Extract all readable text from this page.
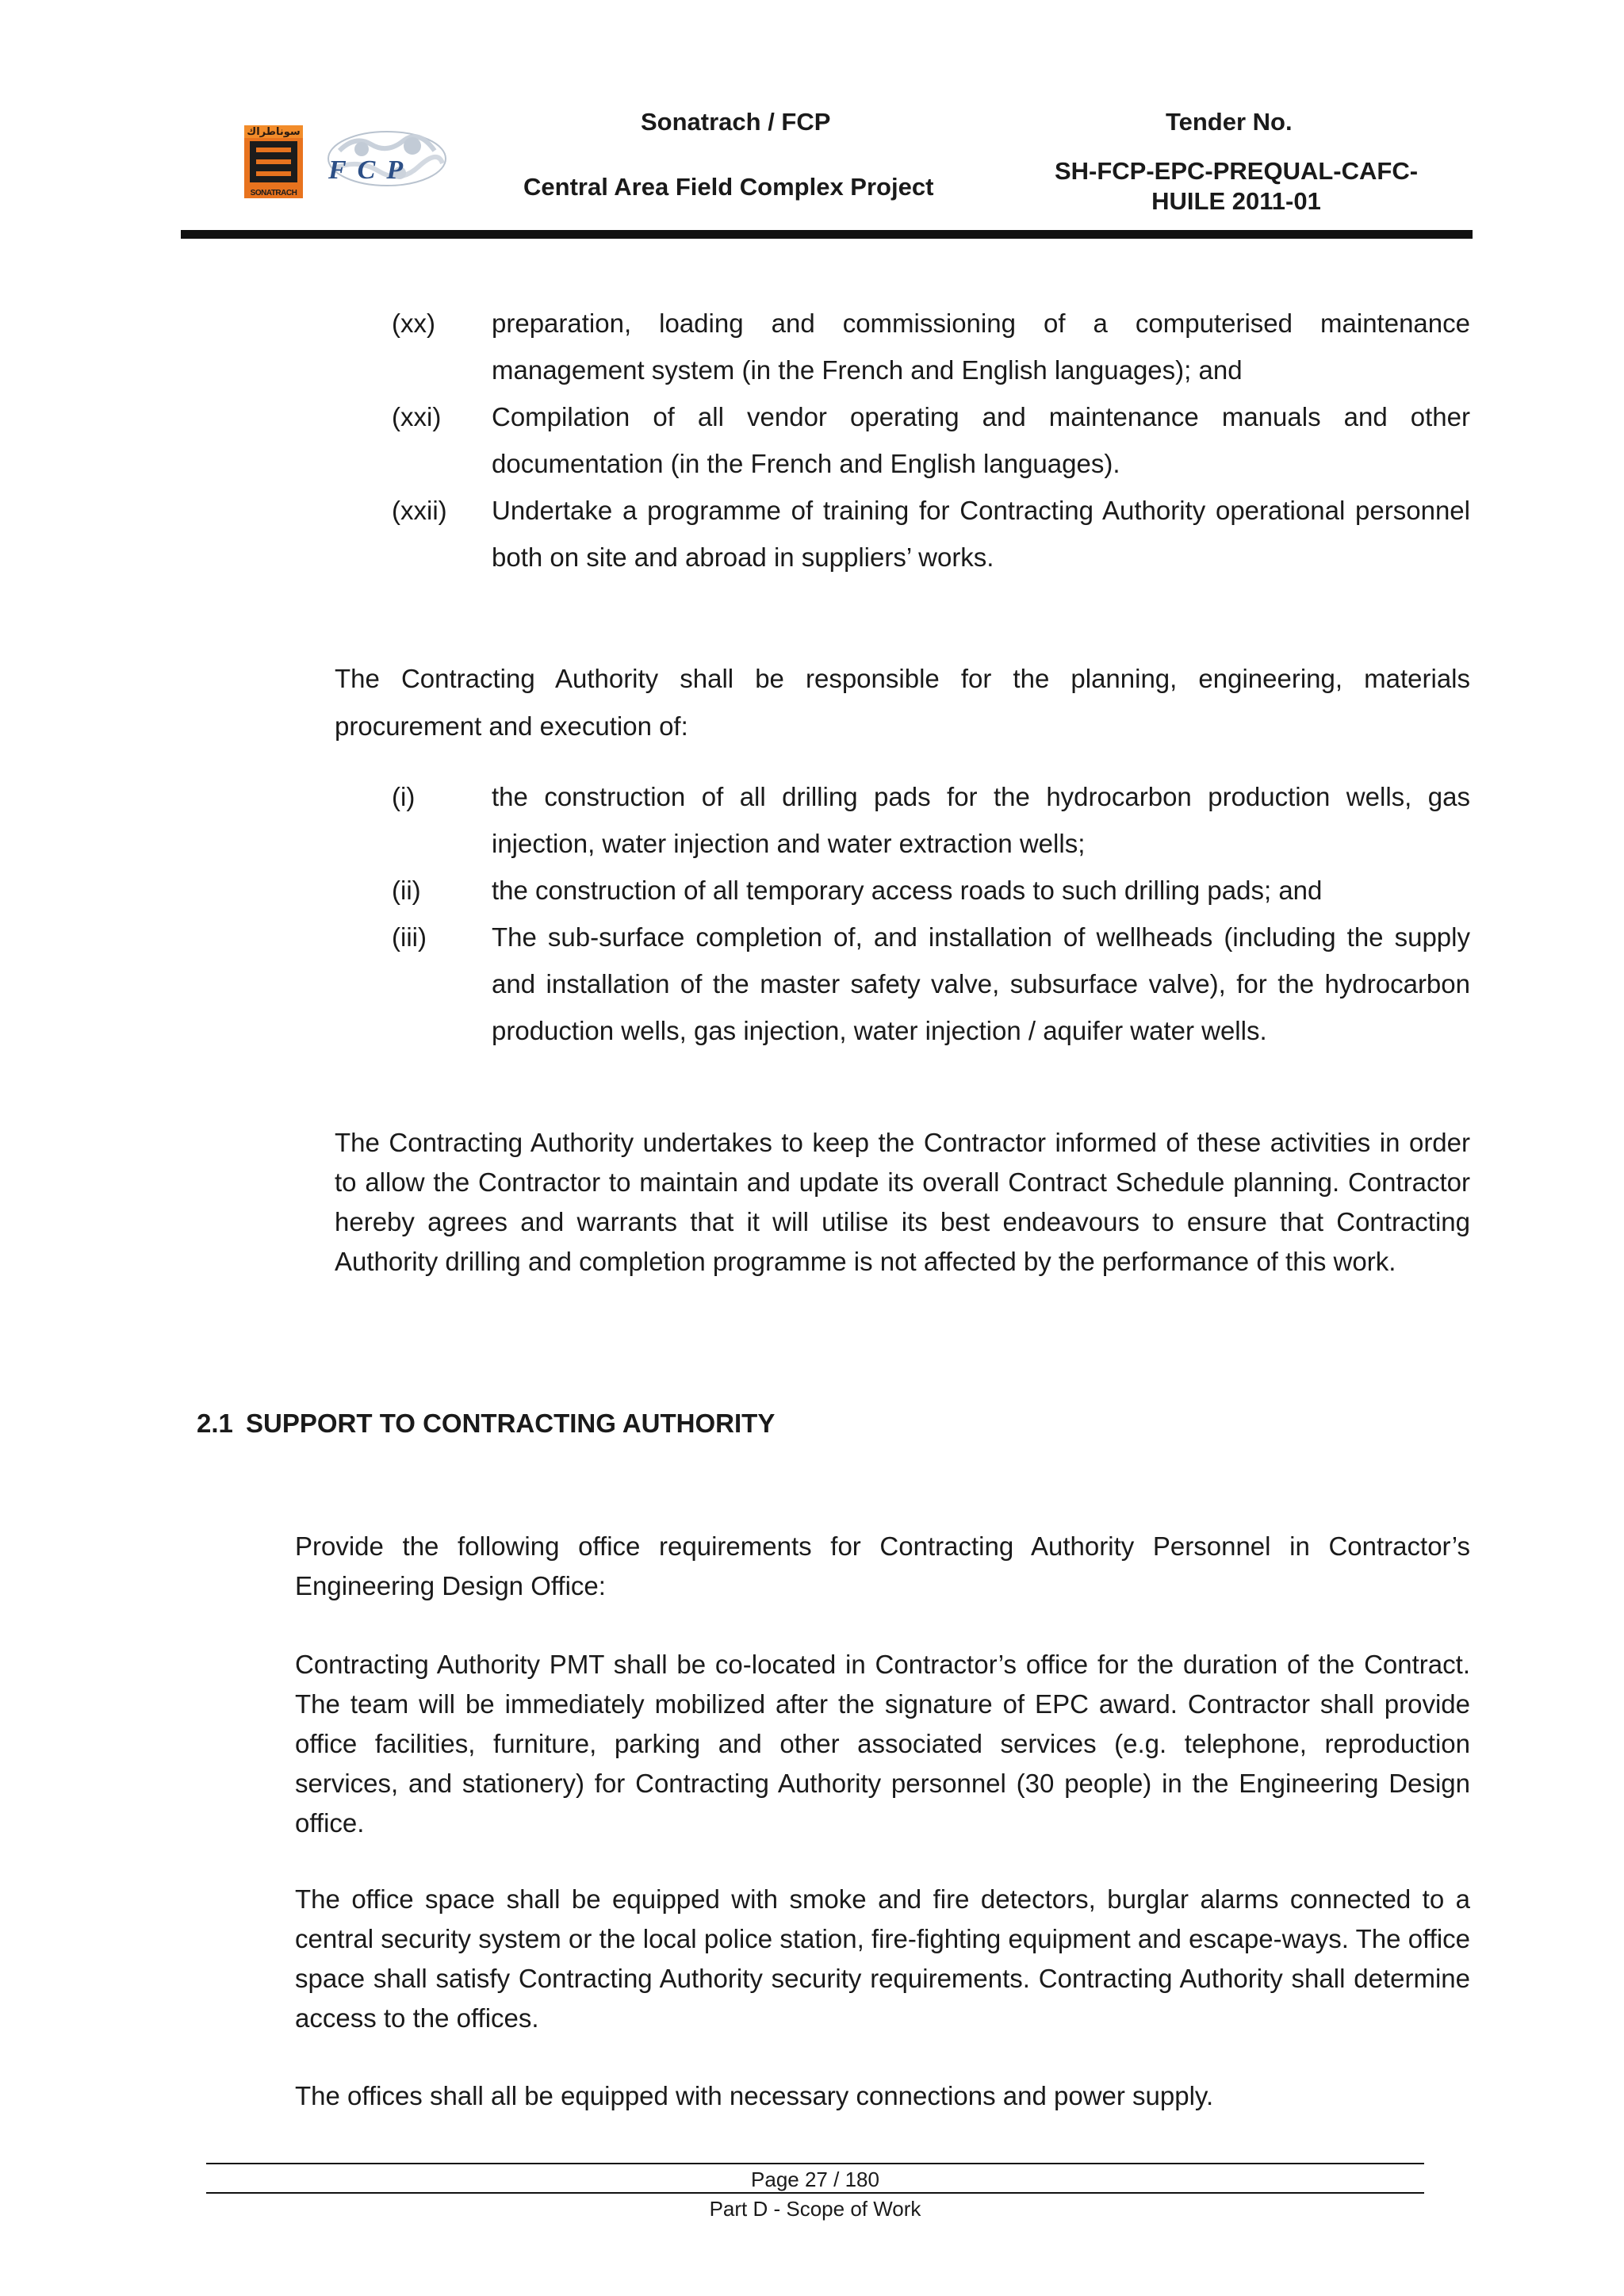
سوناطراك
SONATRACH
FCP
Sonatrach / FCP
Central Area Field Complex Project
Tender No.
SH-FCP-EPC-PREQUAL-CAFC-
HUILE 2011-01
(xx) preparation, loading and commissioning of a computerised maintenance management system (in the French and English languages); and
(xxi) Compilation of all vendor operating and maintenance manuals and other documentation (in the French and English languages).
(xxii) Undertake a programme of training for Contracting Authority operational personnel both on site and abroad in suppliers’ works.
The Contracting Authority shall be responsible for the planning, engineering, materials procurement and execution of:
(i)	the construction of all drilling pads for the hydrocarbon production wells, gas injection, water injection and water extraction wells;
(ii)	the construction of all temporary access roads to such drilling pads; and
(iii) The sub-surface completion of, and installation of wellheads (including the supply and installation of the master safety valve, subsurface valve), for the hydrocarbon production wells, gas injection, water injection / aquifer water wells.
The Contracting Authority undertakes to keep the Contractor informed of these activities in order to allow the Contractor to maintain and update its overall Contract Schedule planning. Contractor hereby agrees and warrants that it will utilise its best endeavours to ensure that Contracting Authority drilling and completion programme is not affected by the performance of this work.
2.1 SUPPORT TO CONTRACTING AUTHORITY
Provide the following office requirements for Contracting Authority Personnel in Contractor’s Engineering Design Office:
Contracting Authority PMT shall be co-located in Contractor’s office for the duration of the Contract. The team will be immediately mobilized after the signature of EPC award. Contractor shall provide office facilities, furniture, parking and other associated services (e.g. telephone, reproduction services, and stationery) for Contracting Authority personnel (30 people) in the Engineering Design office.
The office space shall be equipped with smoke and fire detectors, burglar alarms connected to a central security system or the local police station, fire-fighting equipment and escape-ways. The office space shall satisfy Contracting Authority security requirements. Contracting Authority shall determine access to the offices.
The offices shall all be equipped with necessary connections and power supply.
Page 27 / 180
Part D - Scope of Work
